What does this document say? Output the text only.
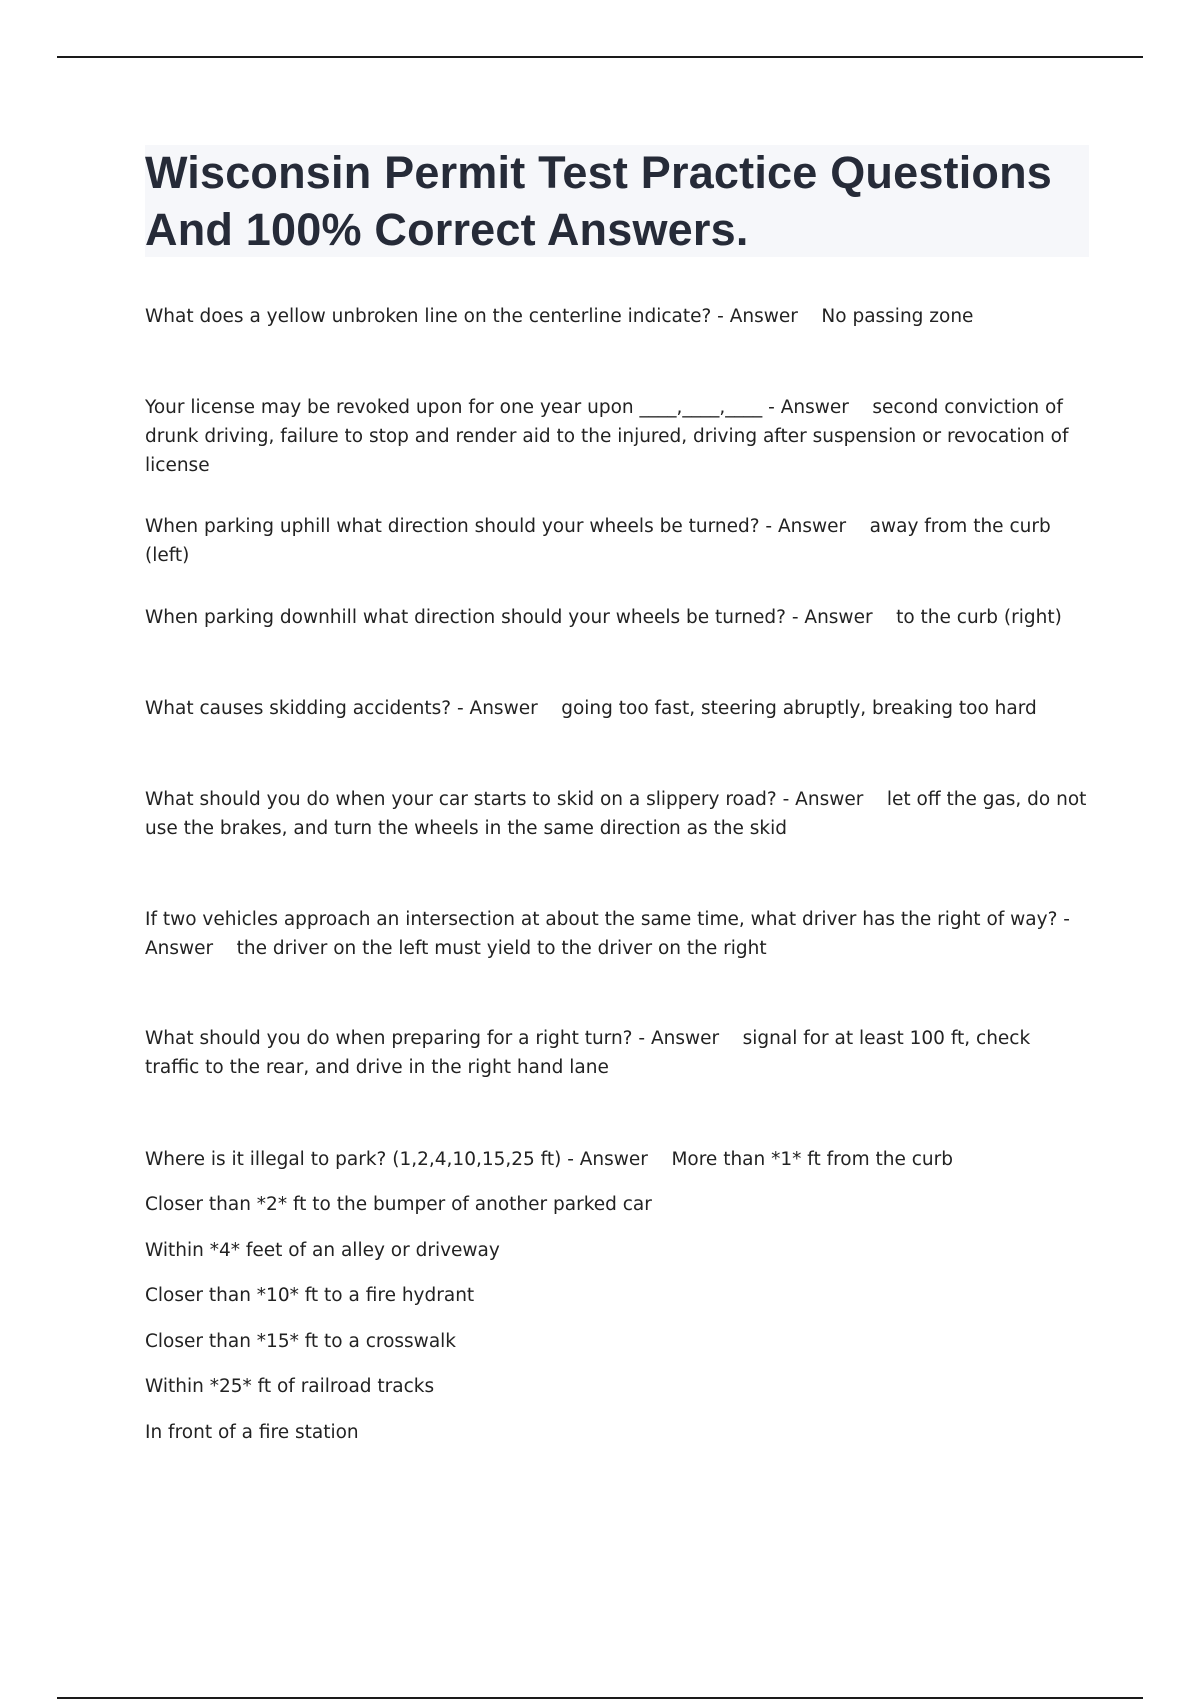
Wisconsin Permit Test Practice Questions And 100% Correct Answers.

What does a yellow unbroken line on the centerline indicate? - Answer No passing zone

Your license may be revoked upon for one year upon ____,____,____ - Answer second conviction of drunk driving, failure to stop and render aid to the injured, driving after suspension or revocation of license

When parking uphill what direction should your wheels be turned? - Answer away from the curb (left)

When parking downhill what direction should your wheels be turned? - Answer to the curb (right)

What causes skidding accidents? - Answer going too fast, steering abruptly, breaking too hard

What should you do when your car starts to skid on a slippery road? - Answer let off the gas, do not use the brakes, and turn the wheels in the same direction as the skid

If two vehicles approach an intersection at about the same time, what driver has the right of way? - Answer the driver on the left must yield to the driver on the right

What should you do when preparing for a right turn? - Answer signal for at least 100 ft, check traffic to the rear, and drive in the right hand lane

Where is it illegal to park? (1,2,4,10,15,25 ft) - Answer More than *1* ft from the curb

Closer than *2* ft to the bumper of another parked car

Within *4* feet of an alley or driveway

Closer than *10* ft to a fire hydrant

Closer than *15* ft to a crosswalk

Within *25* ft of railroad tracks

In front of a fire station
